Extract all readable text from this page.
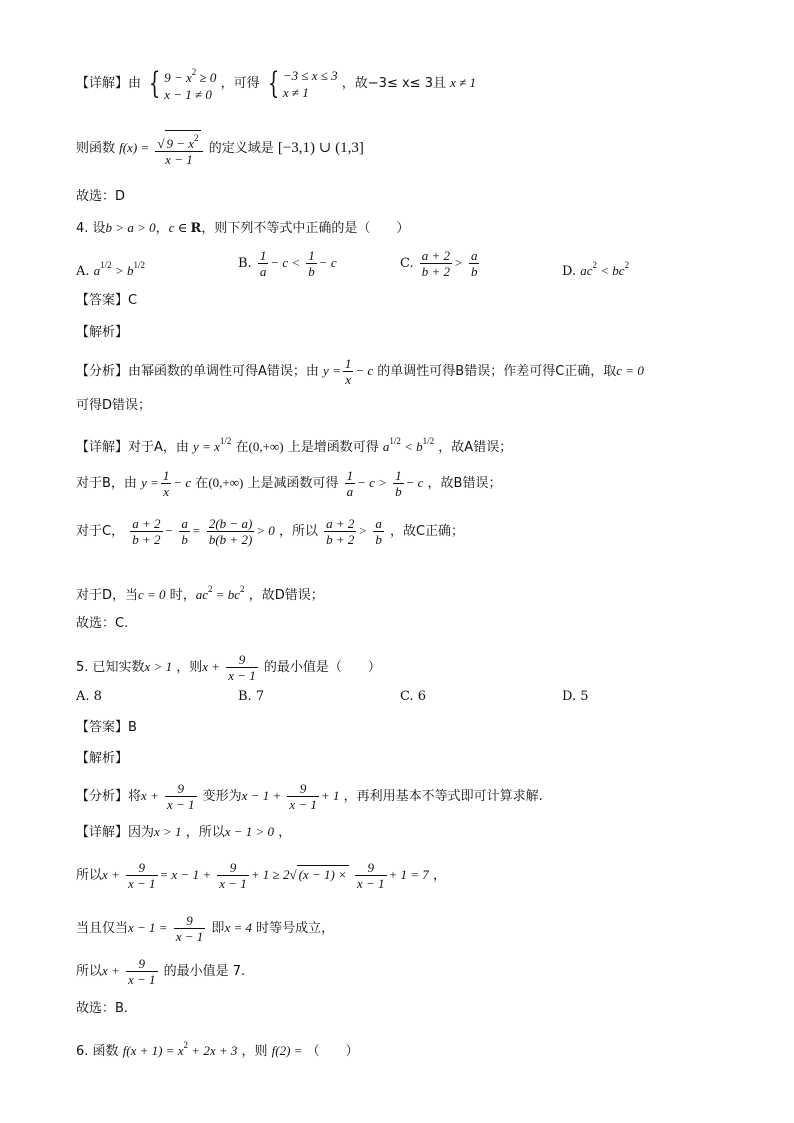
【详解】由 { $9 - x^2 \ge 0$
x − 1 ≠ 0
，可得 { −3 ≤ x ≤ 3
x ≠ 1
，故−3≤ x≤ 3且 x ≠ 1
则函数 $f(x) = \frac{√ 9 - x^2}{x - 1}$ 的定义域是 [−3,1) ∪ (1,3]
故选：D
4. 设b > a > 0，c ∈ R，则下列不等式中正确的是（　　）
A. $a^{1/2} > b^{1/2}$	B. $\frac{1}{a} - c < \frac{1}{b} - c$	C. $\frac{a + 2}{b + 2} > \frac{a}{b}$	D. $ac^2 < bc^2$
【答案】C
【解析】
【分析】由幂函数的单调性可得A错误；由 $y = \frac{1}{x} - c$ 的单调性可得B错误；作差可得C正确，取c = 0
可得D错误；
【详解】对于A，由 $y = x^{1/2}$ 在(0,+∞) 上是增函数可得 $a^{1/2} < b^{1/2}$ ，故A错误；
对于B，由 $y = \frac{1}{x} - c$ 在(0,+∞) 上是减函数可得 $\frac{1}{a} - c > \frac{1}{b} - c$ ，故B错误；
对于C， $\frac{a + 2}{b + 2} - \frac{a}{b} = \frac{2(b - a)}{b(b + 2)} > 0$ ，所以 $\frac{a + 2}{b + 2} > \frac{a}{b}$ ，故C正确；
对于D，当c = 0 时，$ac^2 = bc^2$ ，故D错误；
故选：C.
5. 已知实数x > 1 ，则$x + \frac{9}{x - 1}$ 的最小值是（　　）
A. 8	B. 7	C. 6	D. 5
【答案】B
【解析】
【分析】将$x + \frac{9}{x - 1}$ 变形为$x - 1 + \frac{9}{x - 1} + 1$ ，再利用基本不等式即可计算求解.
【详解】因为x > 1 ，所以x − 1 > 0 ，
所以$x + \frac{9}{x - 1} = x - 1 + \frac{9}{x - 1} + 1 \ge 2√$ $(x - 1) \times \frac{9}{x - 1} + 1 = 7$ ，
当且仅当$x - 1 = \frac{9}{x - 1}$ 即x = 4 时等号成立，
所以$x + \frac{9}{x - 1}$ 的最小值是 7.
故选：B.
6. 函数 $f(x + 1) = x^2 + 2x + 3$ ，则 f(2) = （　　）
